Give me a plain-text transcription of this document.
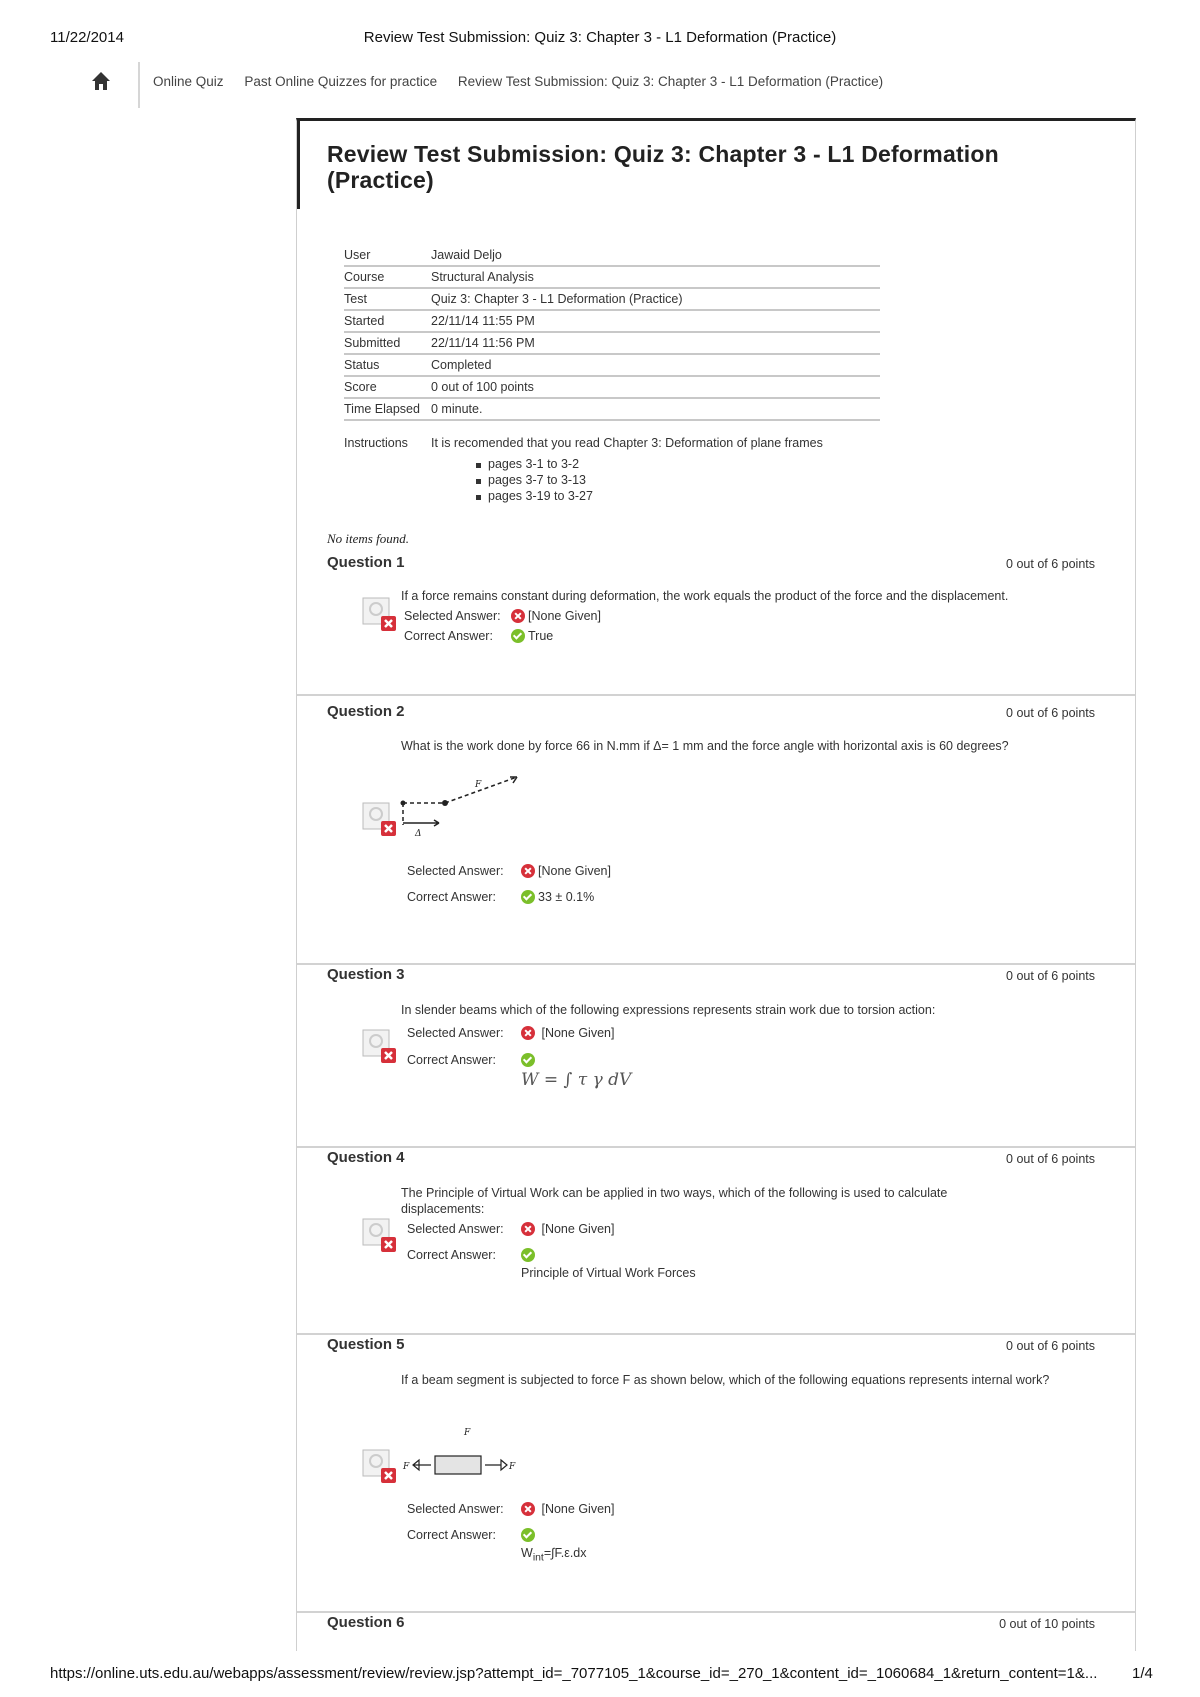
11/22/2014	Review Test Submission: Quiz 3: Chapter 3 - L1 Deformation (Practice)
Online Quiz Past Online Quizzes for practice Review Test Submission: Quiz 3: Chapter 3 - L1 Deformation (Practice)
Review Test Submission: Quiz 3: Chapter 3 - L1 Deformation (Practice)
User	Jawaid Deljo
Course	Structural Analysis
Test	Quiz 3: Chapter 3 - L1 Deformation (Practice)
Started	22/11/14 11:55 PM
Submitted 22/11/14 11:56 PM
Status	Completed
Score	0 out of 100 points
Time Elapsed 0 minute.
Instructions It is recomended that you read Chapter 3: Deformation of plane frames
pages 3-1 to 3-2
pages 3-7 to 3-13
pages 3-19 to 3-27
No items found.
Question 1	0 out of 6 points
If a force remains constant during deformation, the work equals the product of the force and the displacement.
Selected Answer:	[None Given]
Correct Answer:	True
Question 2	0 out of 6 points
What is the work done by force 66 in N.mm if Δ= 1 mm and the force angle with horizontal axis is 60 degrees?
F
Δ
Selected Answer:	[None Given]
Correct Answer:	33 ± 0.1%
Question 3	0 out of 6 points
In slender beams which of the following expressions represents strain work due to torsion action:
Selected Answer:	[None Given]
Correct Answer:
W = ∫ τ γ dV
Question 4	0 out of 6 points
The Principle of Virtual Work can be applied in two ways, which of the following is used to calculate displacements:
Selected Answer:	[None Given]
Correct Answer:
Principle of Virtual Work Forces
Question 5	0 out of 6 points
If a beam segment is subjected to force F as shown below, which of the following equations represents internal work?
F
F	F
Selected Answer:	[None Given]
Correct Answer:
$W_{int}=\int F.\varepsilon.dx$
Question 6	0 out of 10 points
https://online.uts.edu.au/webapps/assessment/review/review.jsp?attempt_id=_7077105_1&course_id=_270_1&content_id=_1060684_1&return_content=1&... 1/4
